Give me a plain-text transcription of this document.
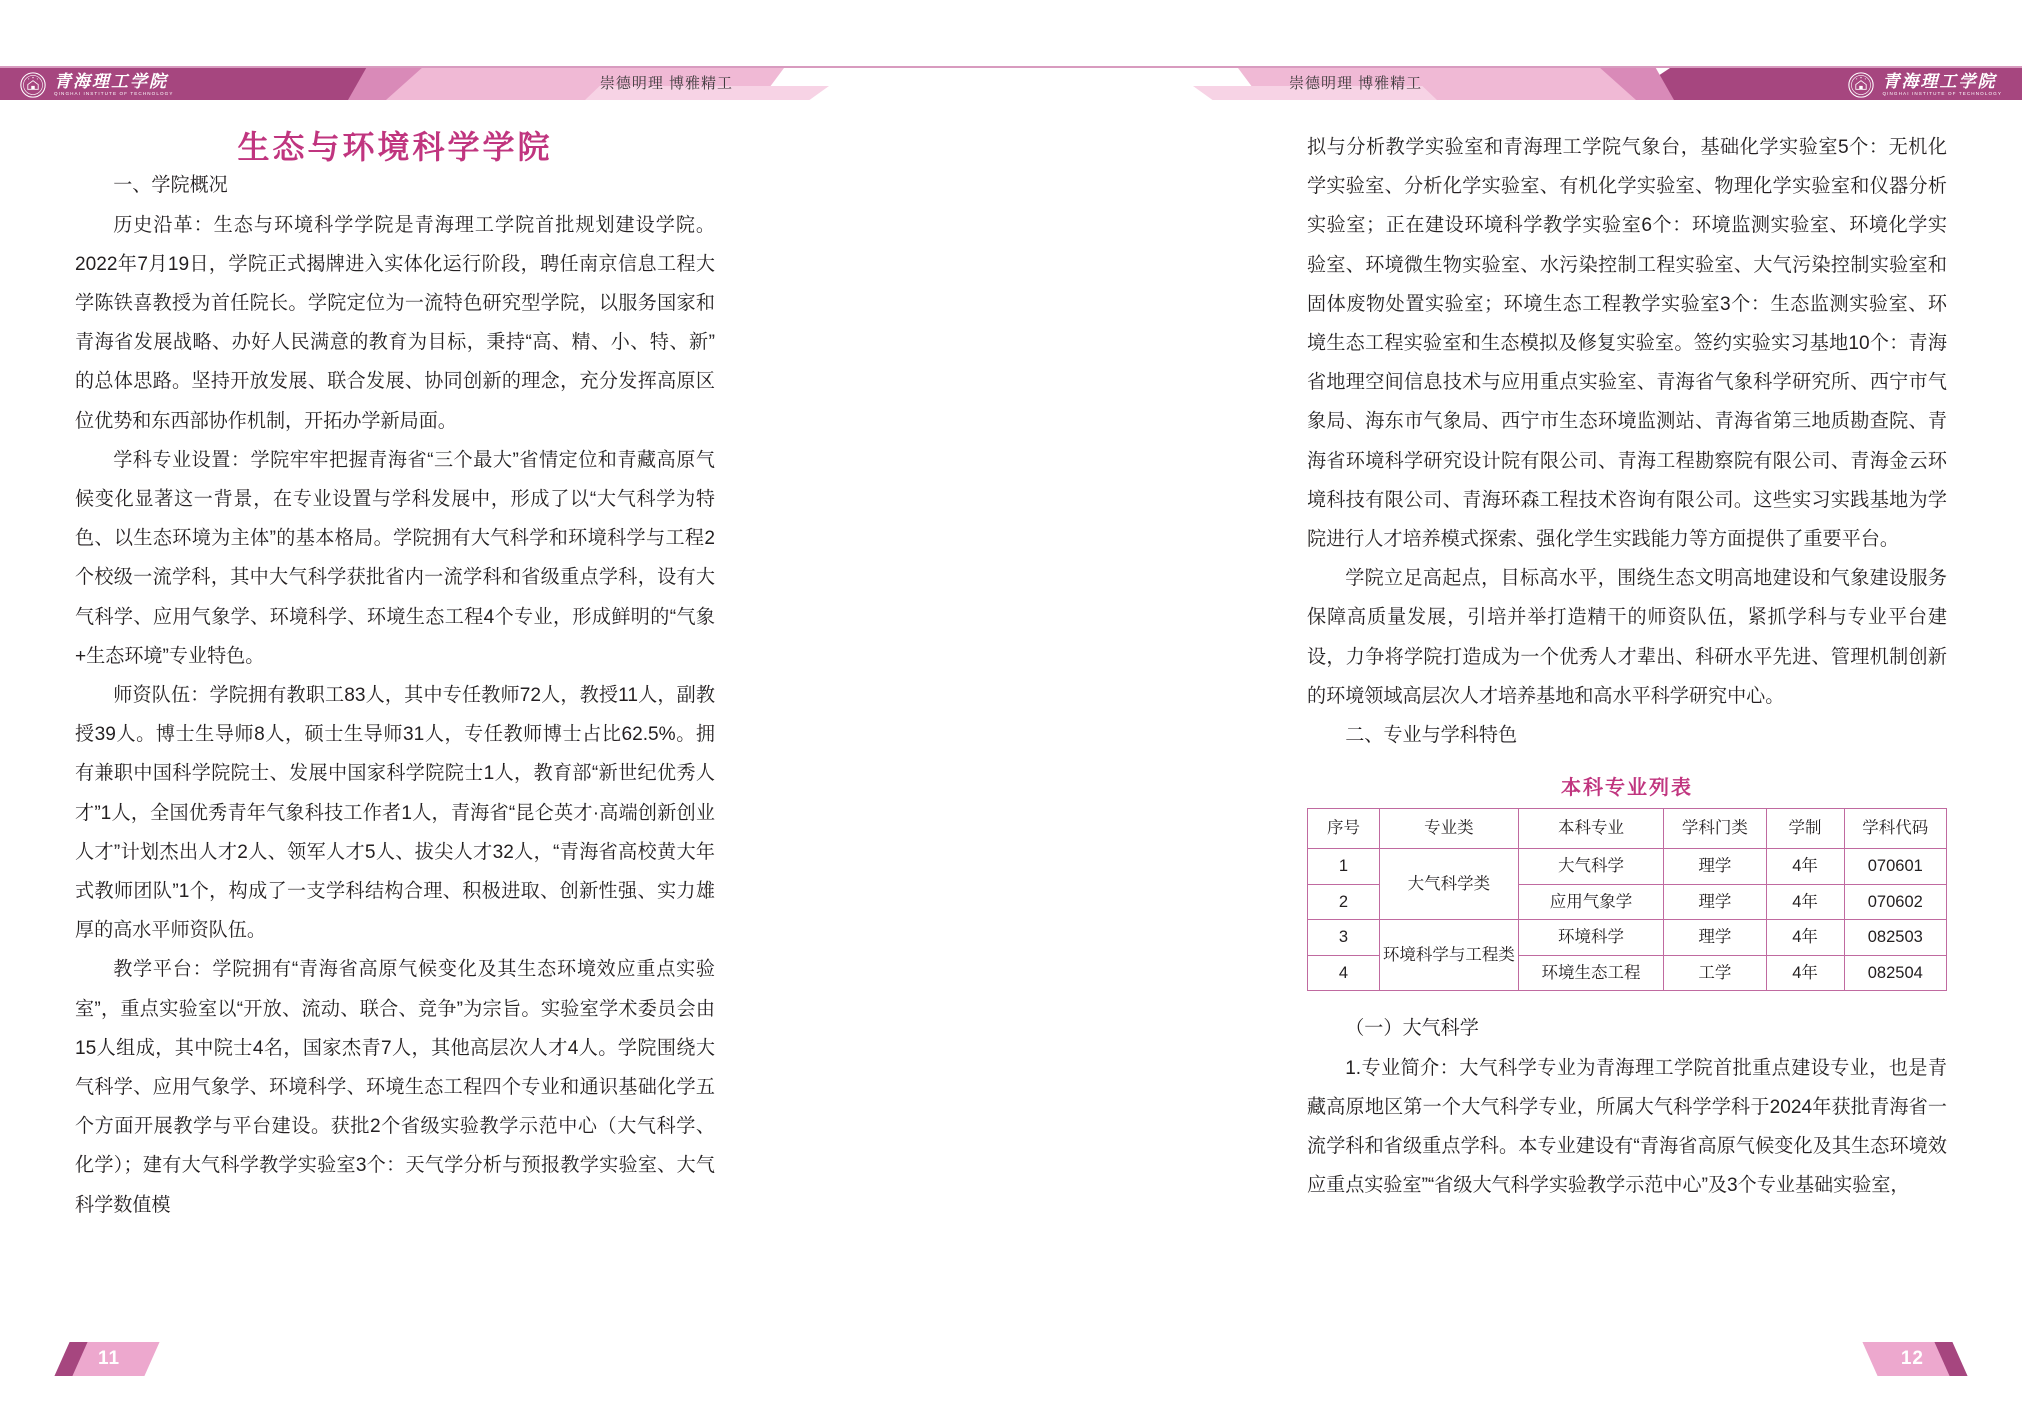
青海理工学院
QINGHAI INSTITUTE OF TECHNOLOGY
崇德明理 博雅精工
生态与环境科学学院

一、学院概况

历史沿革：生态与环境科学学院是青海理工学院首批规划建设学院。2022年7月19日，学院正式揭牌进入实体化运行阶段，聘任南京信息工程大学陈铁喜教授为首任院长。学院定位为一流特色研究型学院，以服务国家和青海省发展战略、办好人民满意的教育为目标，秉持“高、精、小、特、新”的总体思路。坚持开放发展、联合发展、协同创新的理念，充分发挥高原区位优势和东西部协作机制，开拓办学新局面。

学科专业设置：学院牢牢把握青海省“三个最大”省情定位和青藏高原气候变化显著这一背景，在专业设置与学科发展中，形成了以“大气科学为特色、以生态环境为主体”的基本格局。学院拥有大气科学和环境科学与工程2个校级一流学科，其中大气科学获批省内一流学科和省级重点学科，设有大气科学、应用气象学、环境科学、环境生态工程4个专业，形成鲜明的“气象+生态环境”专业特色。

师资队伍：学院拥有教职工83人，其中专任教师72人，教授11人，副教授39人。博士生导师8人，硕士生导师31人，专任教师博士占比62.5%。拥有兼职中国科学院院士、发展中国家科学院院士1人，教育部“新世纪优秀人才”1人，全国优秀青年气象科技工作者1人，青海省“昆仑英才·高端创新创业人才”计划杰出人才2人、领军人才5人、拔尖人才32人，“青海省高校黄大年式教师团队”1个，构成了一支学科结构合理、积极进取、创新性强、实力雄厚的高水平师资队伍。

教学平台：学院拥有“青海省高原气候变化及其生态环境效应重点实验室”，重点实验室以“开放、流动、联合、竞争”为宗旨。实验室学术委员会由15人组成，其中院士4名，国家杰青7人，其他高层次人才4人。学院围绕大气科学、应用气象学、环境科学、环境生态工程四个专业和通识基础化学五个方面开展教学与平台建设。获批2个省级实验教学示范中心（大气科学、化学）；建有大气科学教学实验室3个：天气学分析与预报教学实验室、大气科学数值模

11
青海理工学院
QINGHAI INSTITUTE OF TECHNOLOGY
崇德明理 博雅精工

拟与分析教学实验室和青海理工学院气象台，基础化学实验室5个：无机化学实验室、分析化学实验室、有机化学实验室、物理化学实验室和仪器分析实验室；正在建设环境科学教学实验室6个：环境监测实验室、环境化学实验室、环境微生物实验室、水污染控制工程实验室、大气污染控制实验室和固体废物处置实验室；环境生态工程教学实验室3个：生态监测实验室、环境生态工程实验室和生态模拟及修复实验室。签约实验实习基地10个：青海省地理空间信息技术与应用重点实验室、青海省气象科学研究所、西宁市气象局、海东市气象局、西宁市生态环境监测站、青海省第三地质勘查院、青海省环境科学研究设计院有限公司、青海工程勘察院有限公司、青海金云环境科技有限公司、青海环森工程技术咨询有限公司。这些实习实践基地为学院进行人才培养模式探索、强化学生实践能力等方面提供了重要平台。

学院立足高起点，目标高水平，围绕生态文明高地建设和气象建设服务保障高质量发展，引培并举打造精干的师资队伍，紧抓学科与专业平台建设，力争将学院打造成为一个优秀人才辈出、科研水平先进、管理机制创新的环境领域高层次人才培养基地和高水平科学研究中心。

二、专业与学科特色

本科专业列表
序号	专业类	本科专业	学科门类	学制	学科代码
1	大气科学类	大气科学	理学	4年	070601
2		应用气象学	理学	4年	070602
3	环境科学与工程类	环境科学	理学	4年	082503
4		环境生态工程	工学	4年	082504

（一）大气科学

1.专业简介：大气科学专业为青海理工学院首批重点建设专业，也是青藏高原地区第一个大气科学专业，所属大气科学学科于2024年获批青海省一流学科和省级重点学科。本专业建设有“青海省高原气候变化及其生态环境效应重点实验室”“省级大气科学实验教学示范中心”及3个专业基础实验室，

12
